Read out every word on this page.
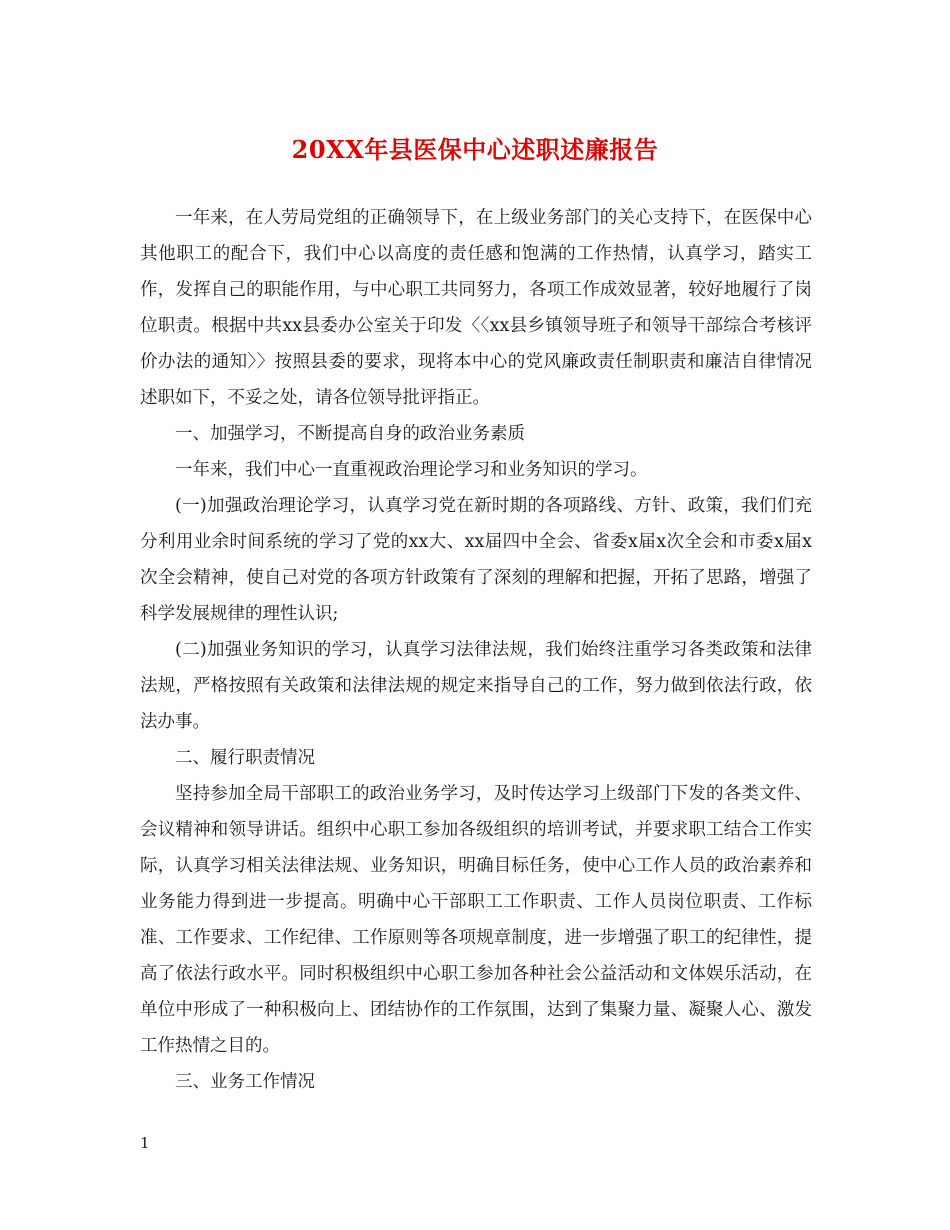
20XX年县医保中心述职述廉报告

一年来，在人劳局党组的正确领导下，在上级业务部门的关心支持下，在医保中心其他职工的配合下，我们中心以高度的责任感和饱满的工作热情，认真学习，踏实工作，发挥自己的职能作用，与中心职工共同努力，各项工作成效显著，较好地履行了岗位职责。根据中共xx县委办公室关于印发〈〈xx县乡镇领导班子和领导干部综合考核评价办法的通知〉〉按照县委的要求，现将本中心的党风廉政责任制职责和廉洁自律情况述职如下，不妥之处，请各位领导批评指正。

一、加强学习，不断提高自身的政治业务素质

一年来，我们中心一直重视政治理论学习和业务知识的学习。

(一)加强政治理论学习，认真学习党在新时期的各项路线、方针、政策，我们们充分利用业余时间系统的学习了党的xx大、xx届四中全会、省委x届x次全会和市委x届x次全会精神，使自己对党的各项方针政策有了深刻的理解和把握，开拓了思路，增强了科学发展规律的理性认识;

(二)加强业务知识的学习，认真学习法律法规，我们始终注重学习各类政策和法律法规，严格按照有关政策和法律法规的规定来指导自己的工作，努力做到依法行政，依法办事。

二、履行职责情况

坚持参加全局干部职工的政治业务学习，及时传达学习上级部门下发的各类文件、会议精神和领导讲话。组织中心职工参加各级组织的培训考试，并要求职工结合工作实际，认真学习相关法律法规、业务知识，明确目标任务，使中心工作人员的政治素养和业务能力得到进一步提高。明确中心干部职工工作职责、工作人员岗位职责、工作标准、工作要求、工作纪律、工作原则等各项规章制度，进一步增强了职工的纪律性，提高了依法行政水平。同时积极组织中心职工参加各种社会公益活动和文体娱乐活动，在单位中形成了一种积极向上、团结协作的工作氛围，达到了集聚力量、凝聚人心、激发工作热情之目的。

三、业务工作情况

1
